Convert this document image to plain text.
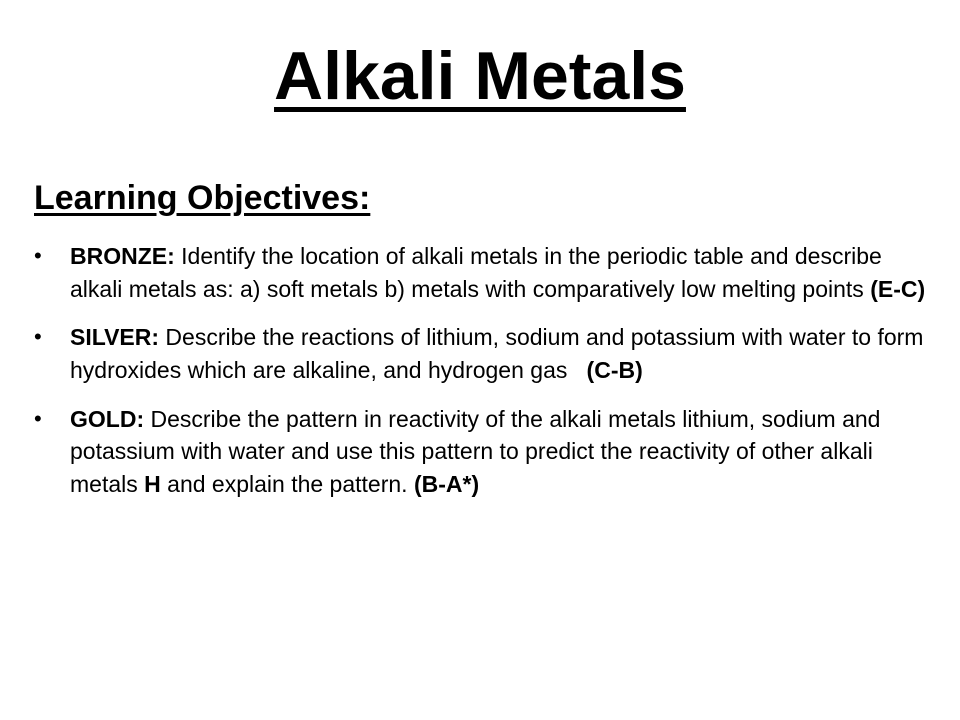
Alkali Metals
Learning Objectives:
•	BRONZE: Identify the location of alkali metals in the periodic table and describe alkali metals as: a) soft metals b) metals with comparatively low melting points (E-C)
•	SILVER: Describe the reactions of lithium, sodium and potassium with water to form hydroxides which are alkaline, and hydrogen gas   (C-B)
•	GOLD: Describe the pattern in reactivity of the alkali metals lithium, sodium and potassium with water and use this pattern to predict the reactivity of other alkali metals H and explain the pattern. (B-A*)
